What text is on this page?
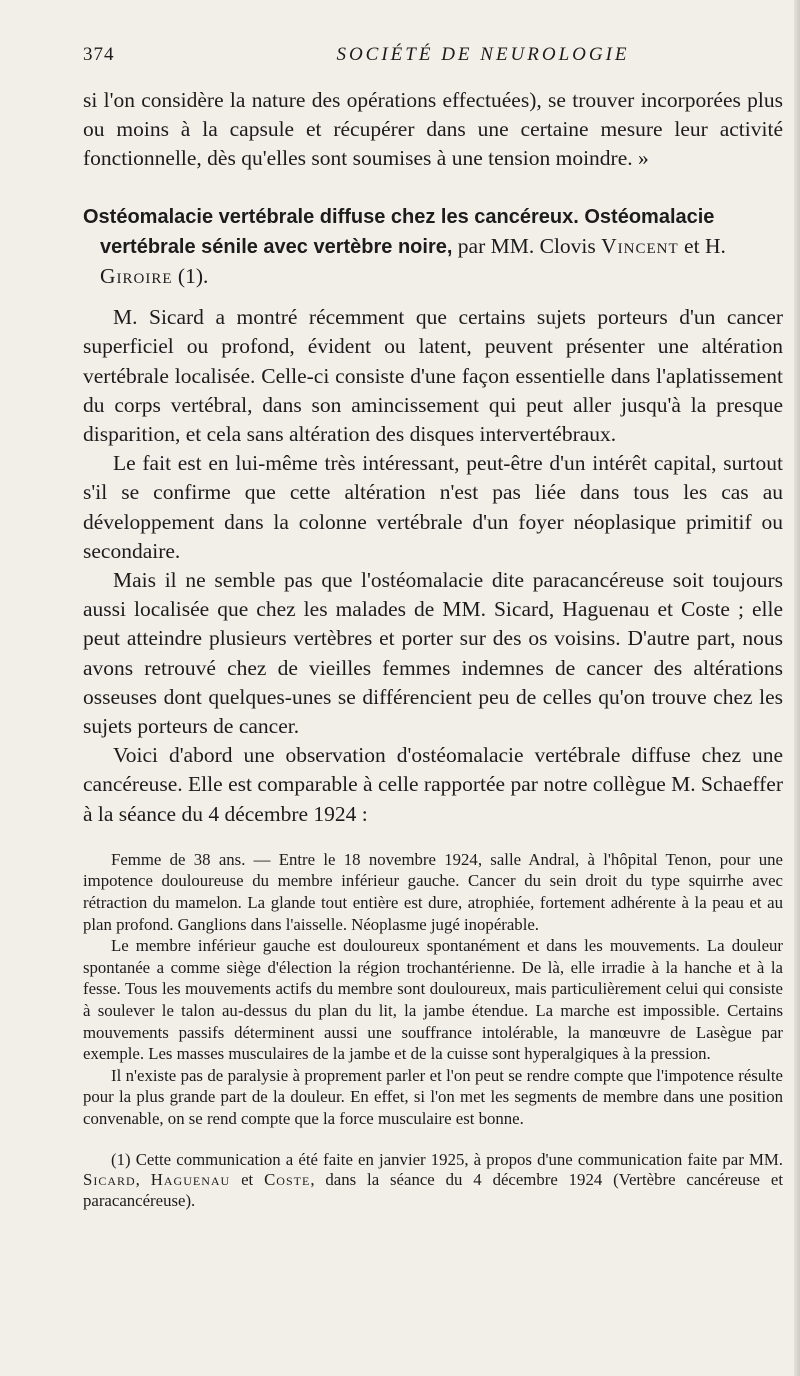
374	SOCIÉTÉ DE NEUROLOGIE

si l'on considère la nature des opérations effectuées), se trouver incorporées plus ou moins à la capsule et récupérer dans une certaine mesure leur activité fonctionnelle, dès qu'elles sont soumises à une tension moindre. »

Ostéomalacie vertébrale diffuse chez les cancéreux. Ostéomalacie vertébrale sénile avec vertèbre noire, par MM. Clovis Vincent et H. Giroire (1).

M. Sicard a montré récemment que certains sujets porteurs d'un cancer superficiel ou profond, évident ou latent, peuvent présenter une altération vertébrale localisée. Celle-ci consiste d'une façon essentielle dans l'aplatissement du corps vertébral, dans son amincissement qui peut aller jusqu'à la presque disparition, et cela sans altération des disques intervertébraux.

Le fait est en lui-même très intéressant, peut-être d'un intérêt capital, surtout s'il se confirme que cette altération n'est pas liée dans tous les cas au développement dans la colonne vertébrale d'un foyer néoplasique primitif ou secondaire.

Mais il ne semble pas que l'ostéomalacie dite paracancéreuse soit toujours aussi localisée que chez les malades de MM. Sicard, Haguenau et Coste ; elle peut atteindre plusieurs vertèbres et porter sur des os voisins. D'autre part, nous avons retrouvé chez de vieilles femmes indemnes de cancer des altérations osseuses dont quelques-unes se différencient peu de celles qu'on trouve chez les sujets porteurs de cancer.

Voici d'abord une observation d'ostéomalacie vertébrale diffuse chez une cancéreuse. Elle est comparable à celle rapportée par notre collègue M. Schaeffer à la séance du 4 décembre 1924 :

Femme de 38 ans. — Entre le 18 novembre 1924, salle Andral, à l'hôpital Tenon, pour une impotence douloureuse du membre inférieur gauche. Cancer du sein droit du type squirrhe avec rétraction du mamelon. La glande tout entière est dure, atrophiée, fortement adhérente à la peau et au plan profond. Ganglions dans l'aisselle. Néoplasme jugé inopérable.

Le membre inférieur gauche est douloureux spontanément et dans les mouvements. La douleur spontanée a comme siège d'élection la région trochantérienne. De là, elle irradie à la hanche et à la fesse. Tous les mouvements actifs du membre sont douloureux, mais particulièrement celui qui consiste à soulever le talon au-dessus du plan du lit, la jambe étendue. La marche est impossible. Certains mouvements passifs déterminent aussi une souffrance intolérable, la manœuvre de Lasègue par exemple. Les masses musculaires de la jambe et de la cuisse sont hyperalgiques à la pression.

Il n'existe pas de paralysie à proprement parler et l'on peut se rendre compte que l'impotence résulte pour la plus grande part de la douleur. En effet, si l'on met les segments de membre dans une position convenable, on se rend compte que la force musculaire est bonne.

(1) Cette communication a été faite en janvier 1925, à propos d'une communication faite par MM. Sicard, Haguenau et Coste, dans la séance du 4 décembre 1924 (Vertèbre cancéreuse et paracancéreuse).
